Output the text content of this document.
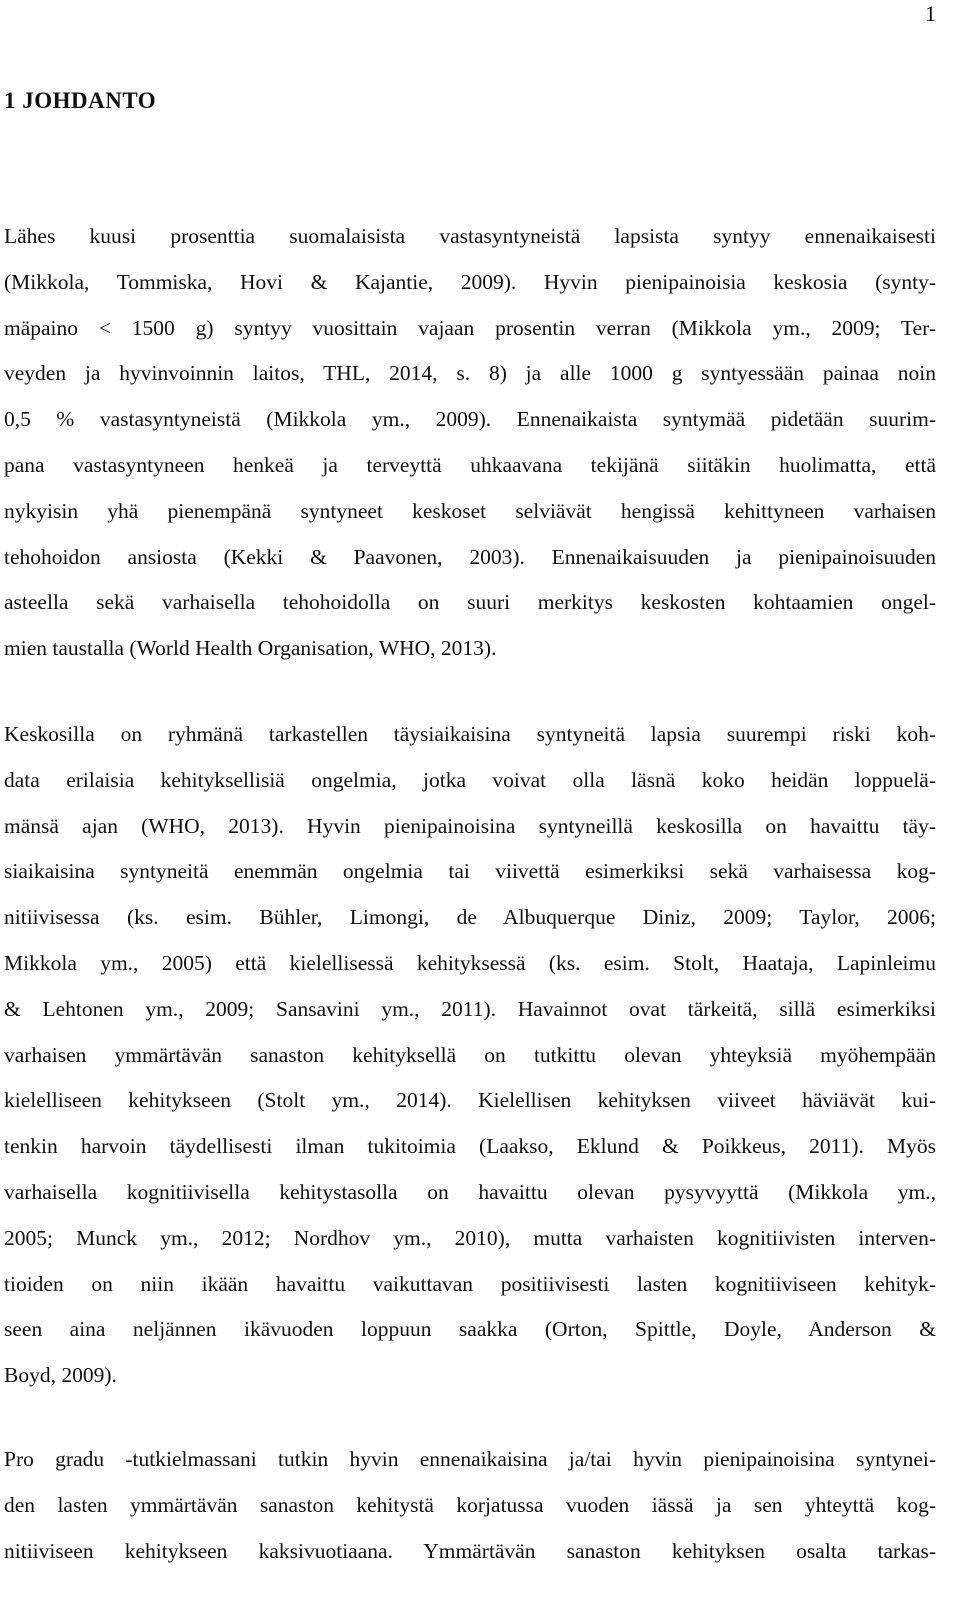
1
1 JOHDANTO
Lähes kuusi prosenttia suomalaisista vastasyntyneistä lapsista syntyy ennenaikaisesti
(Mikkola, Tommiska, Hovi & Kajantie, 2009). Hyvin pienipainoisia keskosia (synty-
mäpaino < 1500 g) syntyy vuosittain vajaan prosentin verran (Mikkola ym., 2009; Ter-
veyden ja hyvinvoinnin laitos, THL, 2014, s. 8) ja alle 1000 g syntyessään painaa noin
0,5 % vastasyntyneistä (Mikkola ym., 2009). Ennenaikaista syntymää pidetään suurim-
pana vastasyntyneen henkeä ja terveyttä uhkaavana tekijänä siitäkin huolimatta, että
nykyisin yhä pienempänä syntyneet keskoset selviävät hengissä kehittyneen varhaisen
tehohoidon ansiosta (Kekki & Paavonen, 2003). Ennenaikaisuuden ja pienipainoisuuden
asteella sekä varhaisella tehohoidolla on suuri merkitys keskosten kohtaamien ongel-
mien taustalla (World Health Organisation, WHO, 2013).
Keskosilla on ryhmänä tarkastellen täysiaikaisina syntyneitä lapsia suurempi riski koh-
data erilaisia kehityksellisiä ongelmia, jotka voivat olla läsnä koko heidän loppuelä-
mänsä ajan (WHO, 2013). Hyvin pienipainoisina syntyneillä keskosilla on havaittu täy-
siaikaisina syntyneitä enemmän ongelmia tai viivettä esimerkiksi sekä varhaisessa kog-
nitiivisessa (ks. esim. Bühler, Limongi, de Albuquerque Diniz, 2009; Taylor, 2006;
Mikkola ym., 2005) että kielellisessä kehityksessä (ks. esim. Stolt, Haataja, Lapinleimu
& Lehtonen ym., 2009; Sansavini ym., 2011). Havainnot ovat tärkeitä, sillä esimerkiksi
varhaisen ymmärtävän sanaston kehityksellä on tutkittu olevan yhteyksiä myöhempään
kielelliseen kehitykseen (Stolt ym., 2014). Kielellisen kehityksen viiveet häviävät kui-
tenkin harvoin täydellisesti ilman tukitoimia (Laakso, Eklund & Poikkeus, 2011). Myös
varhaisella kognitiivisella kehitystasolla on havaittu olevan pysyvyyttä (Mikkola ym.,
2005; Munck ym., 2012; Nordhov ym., 2010), mutta varhaisten kognitiivisten interven-
tioiden on niin ikään havaittu vaikuttavan positiivisesti lasten kognitiiviseen kehityk-
seen aina neljännen ikävuoden loppuun saakka (Orton, Spittle, Doyle, Anderson &
Boyd, 2009).
Pro gradu -tutkielmassani tutkin hyvin ennenaikaisina ja/tai hyvin pienipainoisina syntynei-
den lasten ymmärtävän sanaston kehitystä korjatussa vuoden iässä ja sen yhteyttä kog-
nitiiviseen kehitykseen kaksivuotiaana. Ymmärtävän sanaston kehityksen osalta tarkas-
